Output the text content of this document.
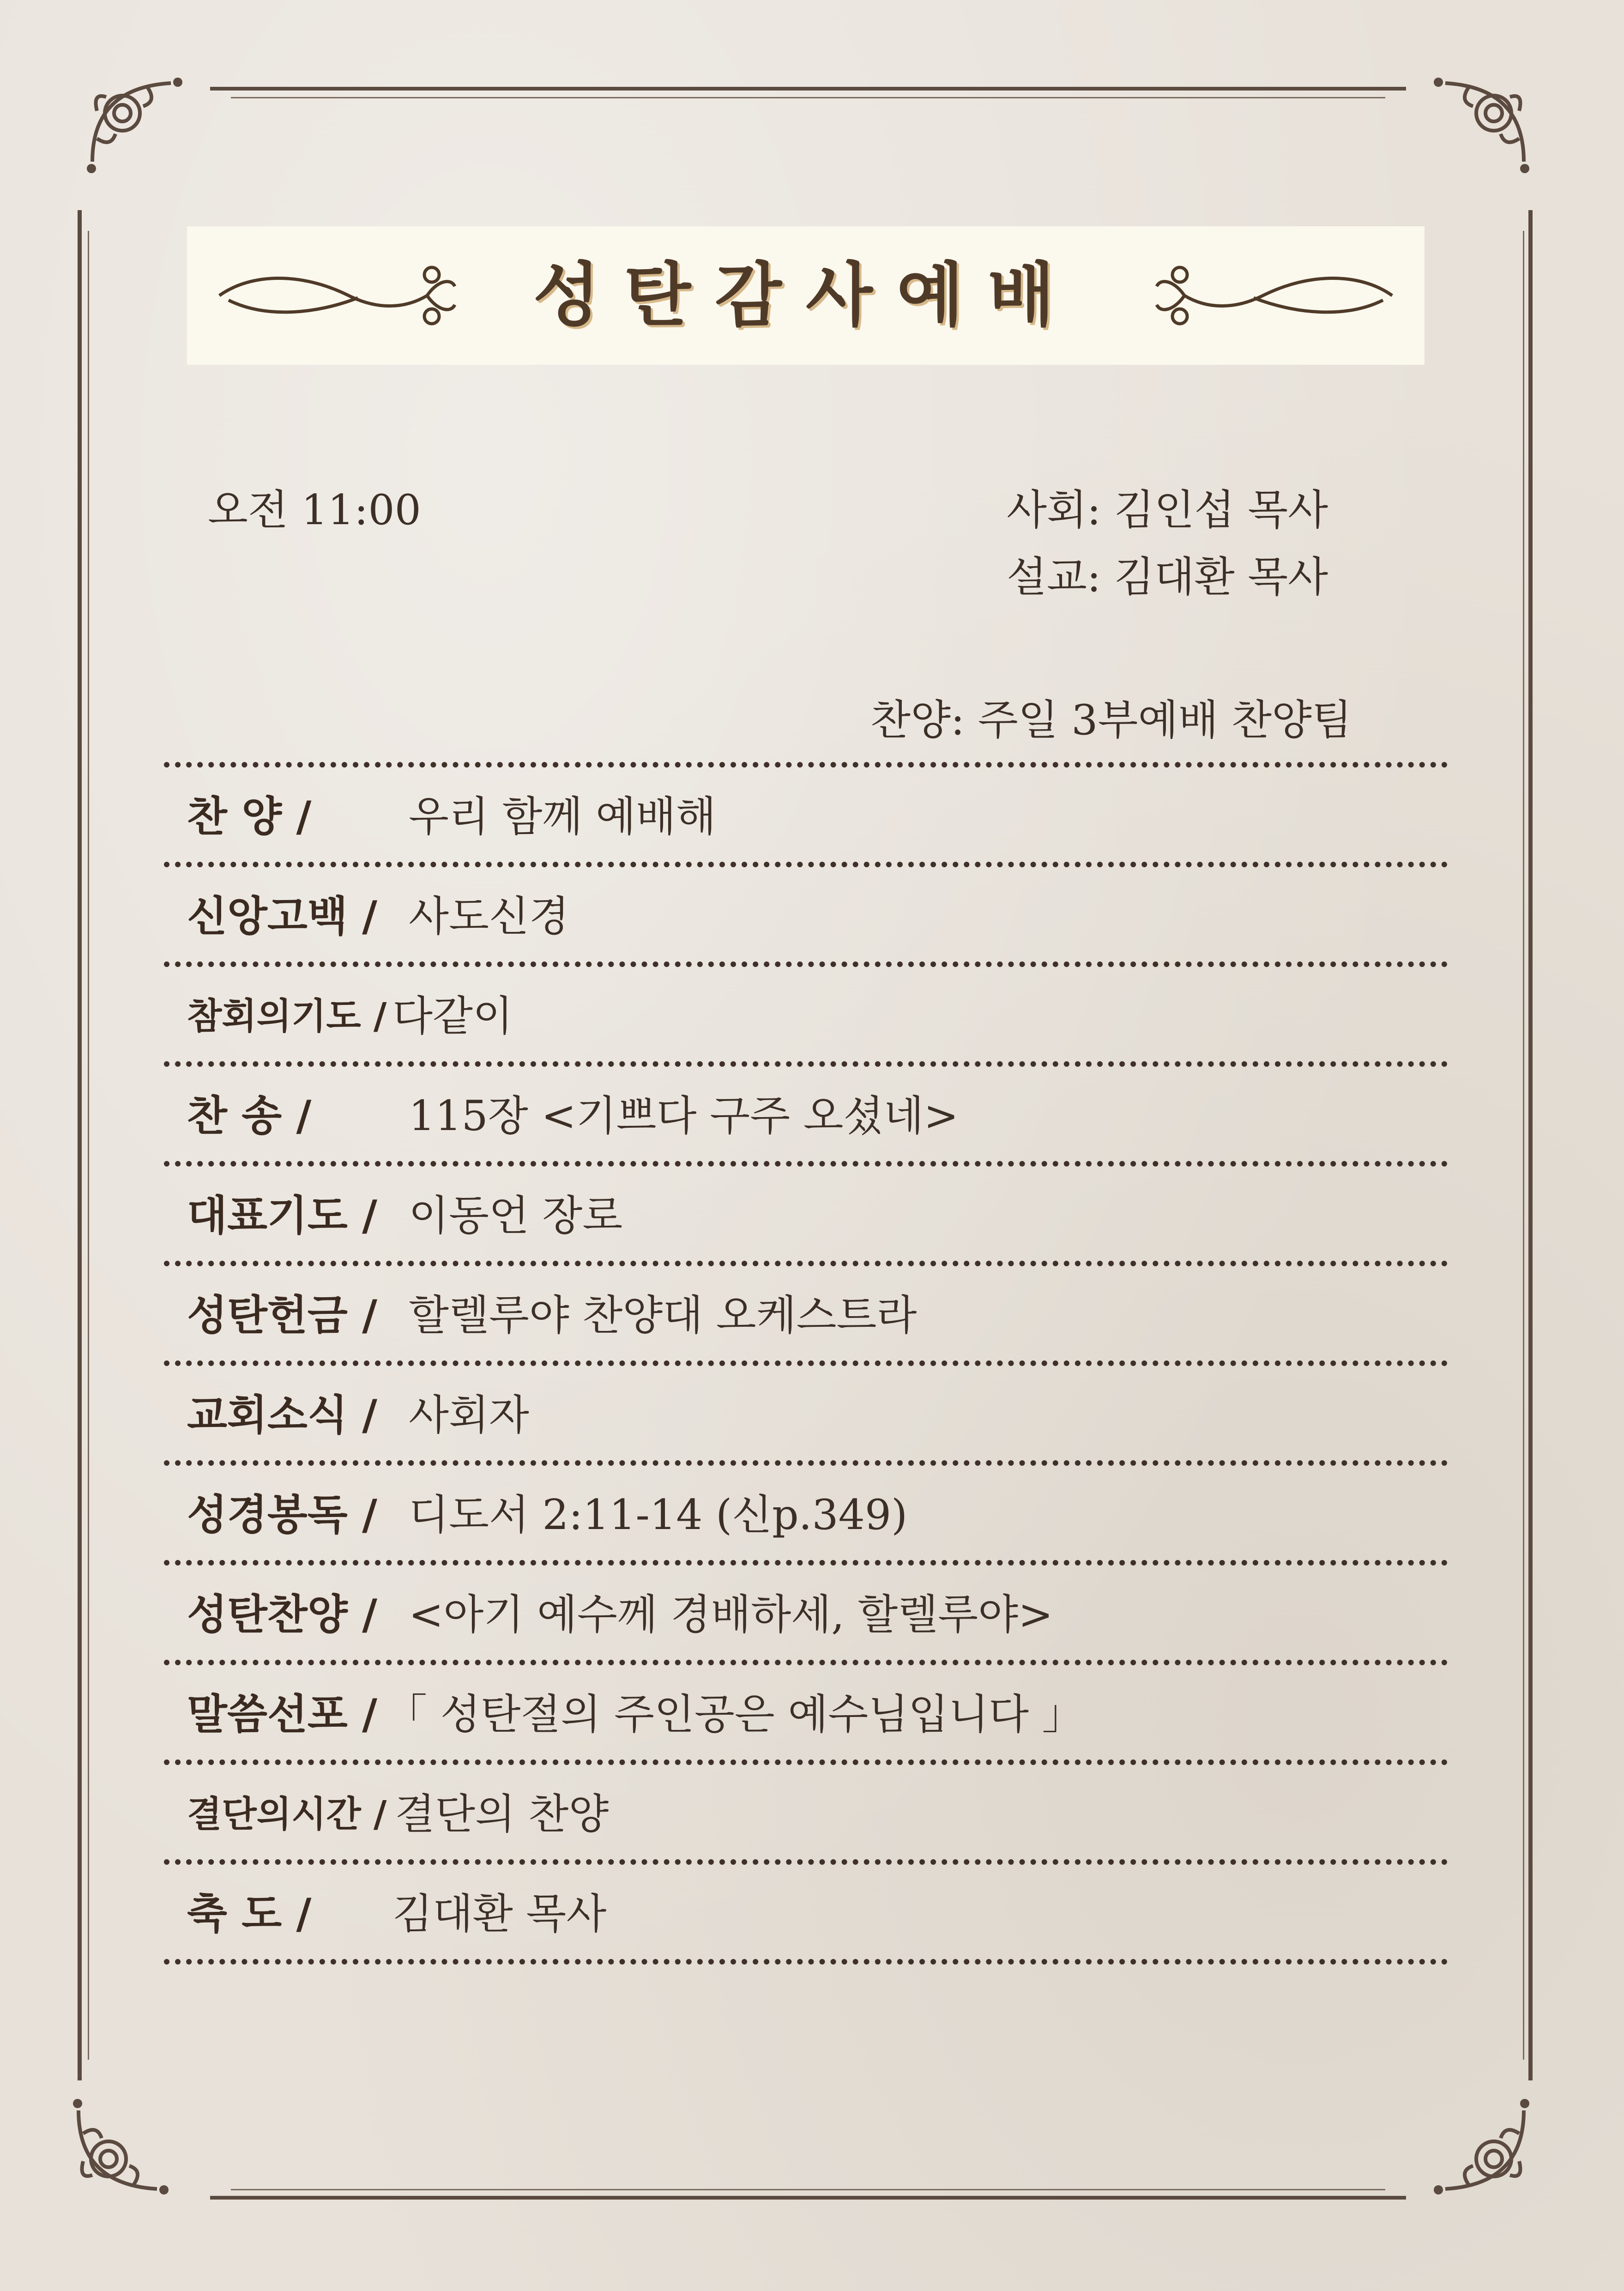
성탄감사예배
오전 11:00	사회: 김인섭 목사
설교: 김대환 목사
찬양: 주일 3부예배 찬양팀
찬 양 / 우리 함께 예배해
신앙고백 / 사도신경
참회의기도 / 다같이
찬 송 / 115장 <기쁘다 구주 오셨네>
대표기도 / 이동언 장로
성탄헌금 / 할렐루야 찬양대 오케스트라
교회소식 / 사회자
성경봉독 / 디도서 2:11-14 (신p.349)
성탄찬양 / <아기 예수께 경배하세, 할렐루야>
말씀선포 / 「 성탄절의 주인공은 예수님입니다 」
결단의시간 / 결단의 찬양
축 도 / 김대환 목사
